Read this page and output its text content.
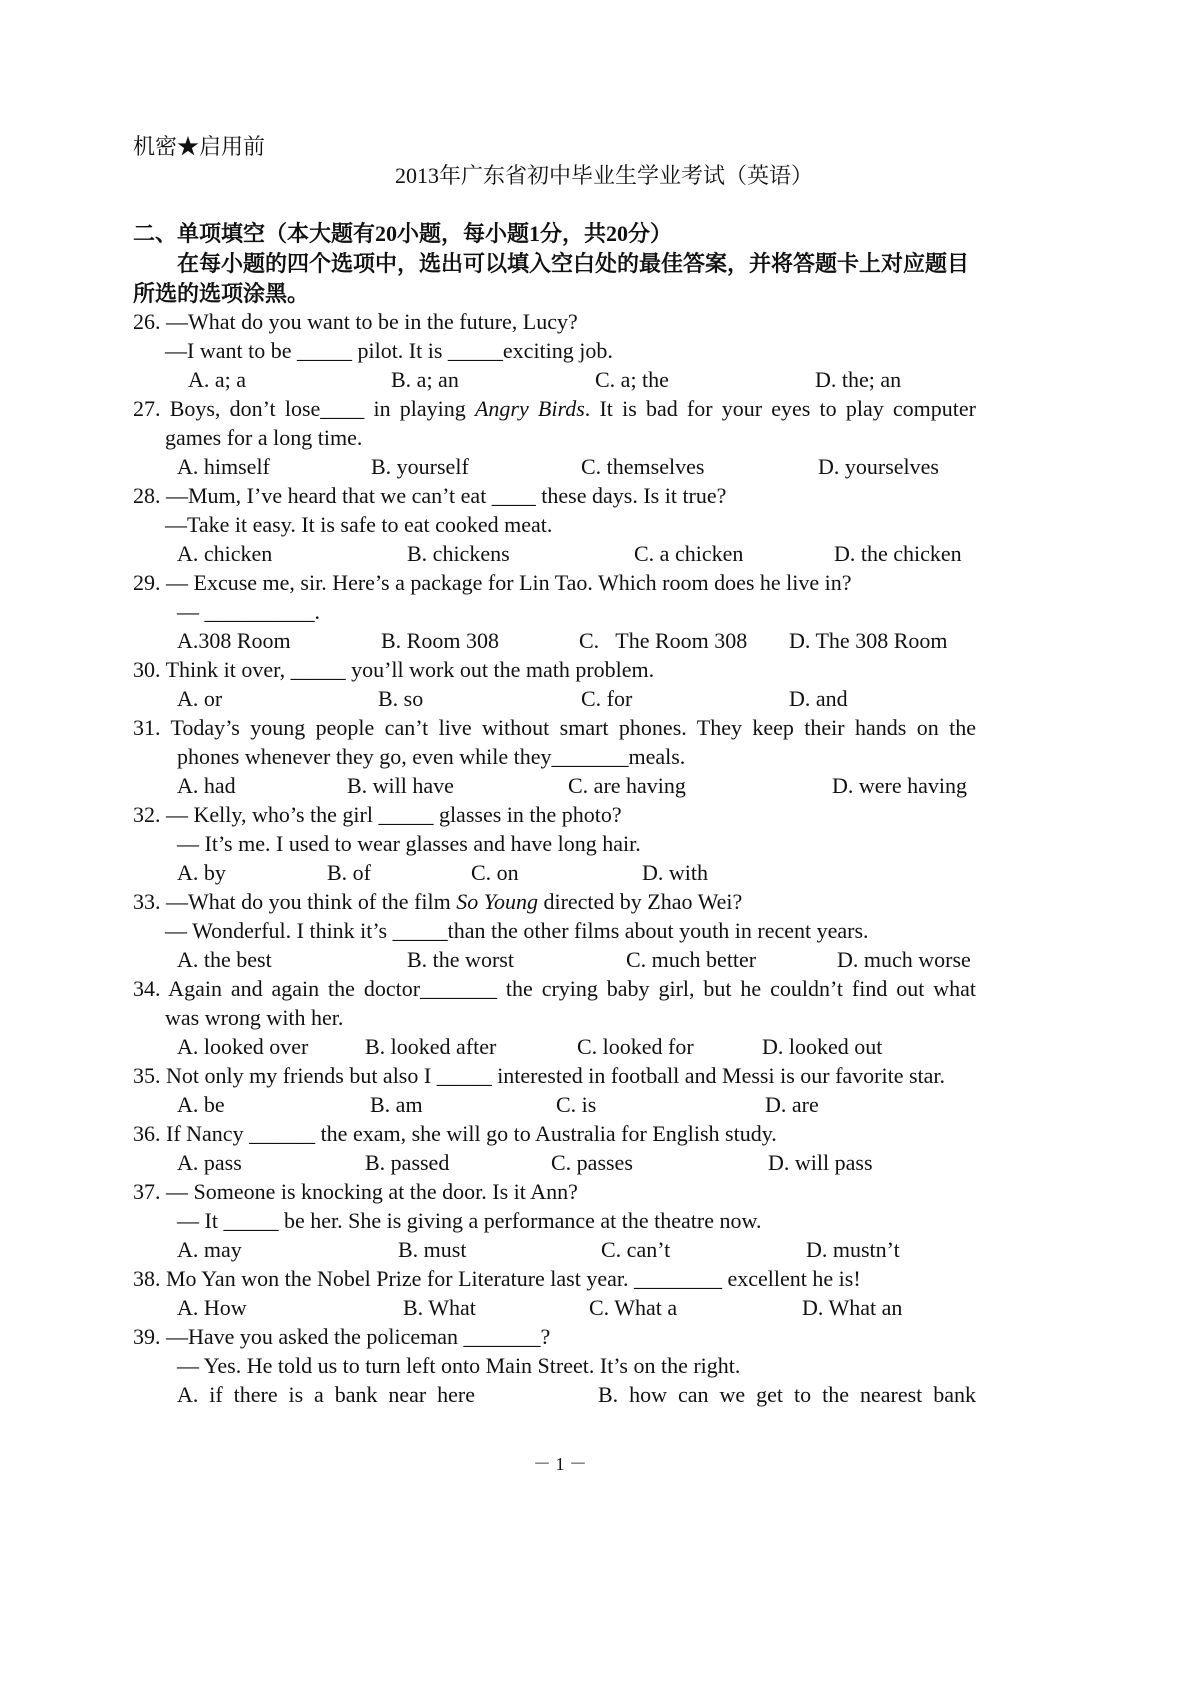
机密★启用前
2013年广东省初中毕业生学业考试（英语）
二、单项填空（本大题有20小题，每小题1分，共20分）
在每小题的四个选项中，选出可以填入空白处的最佳答案，并将答题卡上对应题目
所选的选项涂黑。
26. —What do you want to be in the future, Lucy?
—I want to be _____ pilot. It is _____exciting job.
A. a; a	B. a; an	C. a; the	D. the; an
27. Boys, don’t lose____ in playing Angry Birds. It is bad for your eyes to play computer
games for a long time.
A. himself	B. yourself	C. themselves	D. yourselves
28. —Mum, I’ve heard that we can’t eat ____ these days. Is it true?
—Take it easy. It is safe to eat cooked meat.
A. chicken	B. chickens	C. a chicken	D. the chicken
29. — Excuse me, sir. Here’s a package for Lin Tao. Which room does he live in?
— __________.
A.308 Room	B. Room 308	C.   The Room 308 D. The 308 Room
30. Think it over, _____ you’ll work out the math problem.
A. or	B. so	C. for	D. and
31. Today’s young people can’t live without smart phones. They keep their hands on the
phones whenever they go, even while they_______meals.
A. had	B. will have	C. are having	D. were having
32. — Kelly, who’s the girl _____ glasses in the photo?
— It’s me. I used to wear glasses and have long hair.
A. by	B. of	C. on	D. with
33. —What do you think of the film So Young directed by Zhao Wei?
— Wonderful. I think it’s _____than the other films about youth in recent years.
A. the best	B. the worst	C. much better	D. much worse
34. Again and again the doctor_______ the crying baby girl, but he couldn’t find out what
was wrong with her.
A. looked over	B. looked after	C. looked for	D. looked out
35. Not only my friends but also I _____ interested in football and Messi is our favorite star.
A. be	B. am	C. is	D. are
36. If Nancy ______ the exam, she will go to Australia for English study.
A. pass	B. passed	C. passes	D. will pass
37. — Someone is knocking at the door. Is it Ann?
— It _____ be her. She is giving a performance at the theatre now.
A. may	B. must	C. can’t	D. mustn’t
38. Mo Yan won the Nobel Prize for Literature last year. ________ excellent he is!
A. How	B. What	C. What a	D. What an
39. —Have you asked the policeman _______?
— Yes. He told us to turn left onto Main Street. It’s on the right.
A. if there is a bank near here	B. how can we get to the nearest bank
－ 1 －
